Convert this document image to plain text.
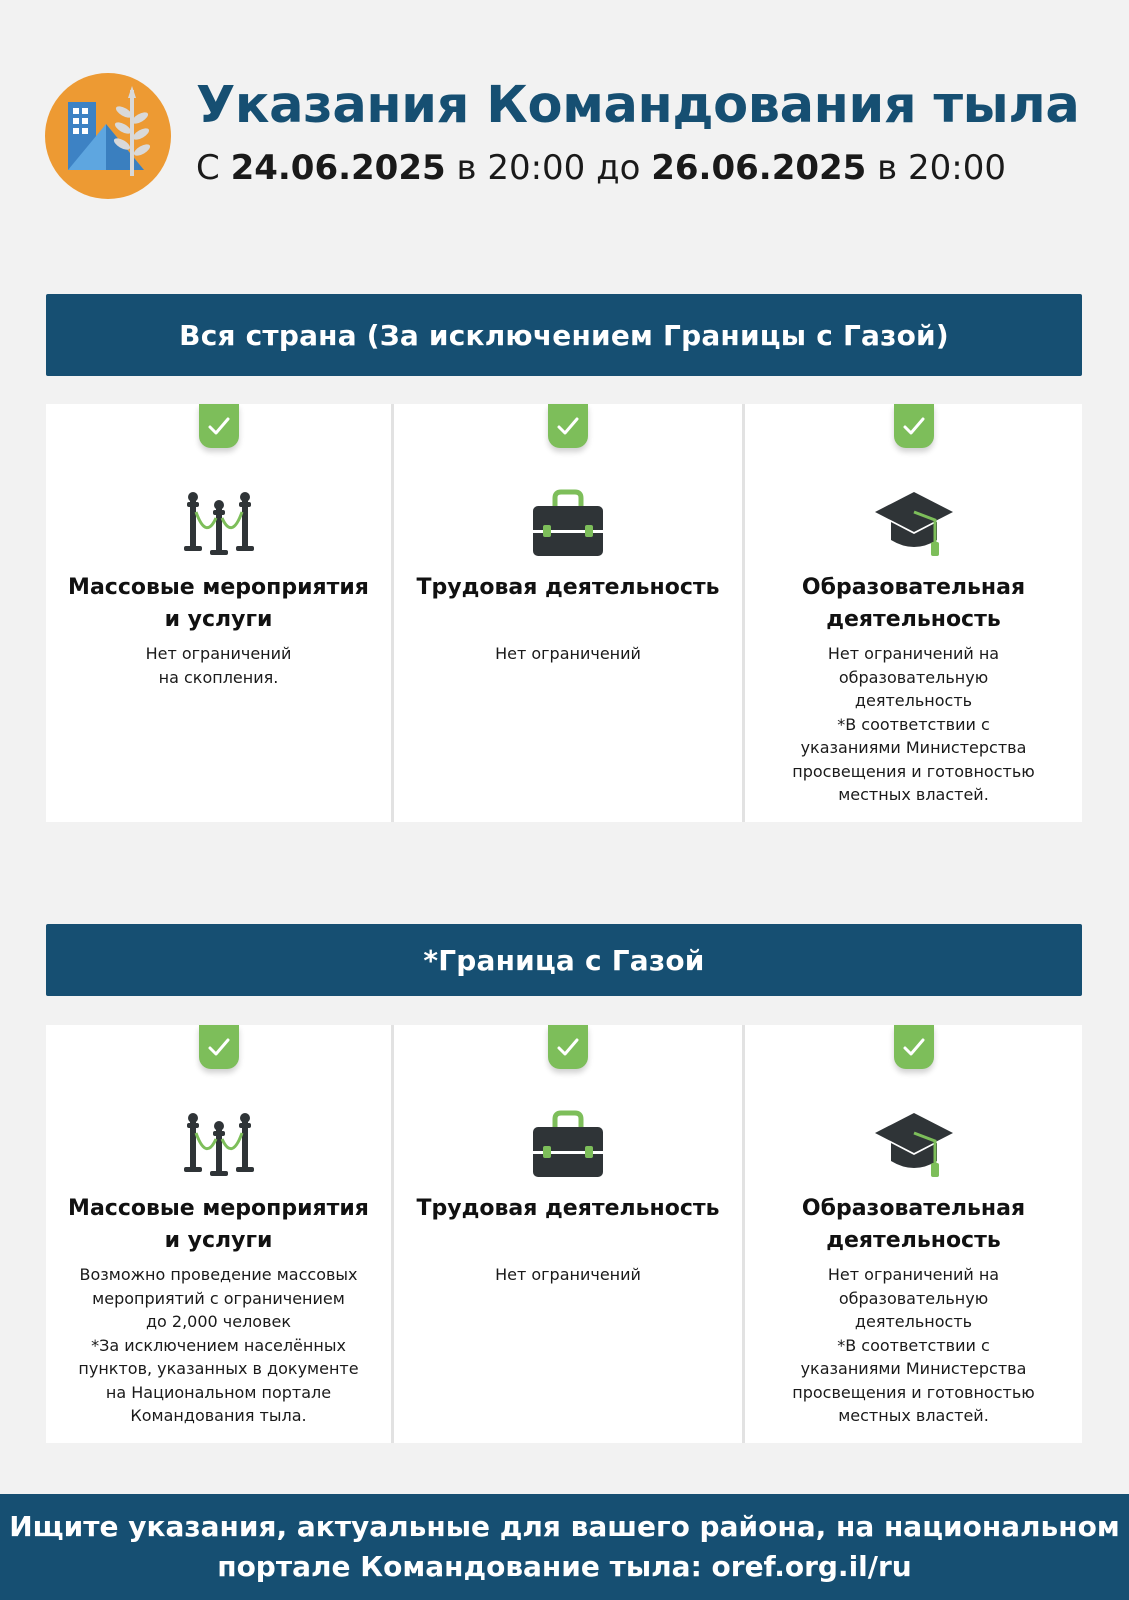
Указания Командования тыла
С 24.06.2025 в 20:00 до 26.06.2025 в 20:00
Вся страна (За исключением Границы с Газой)
Массовые мероприятия
и услуги
Нет ограничений
на скопления.
Трудовая деятельность
Нет ограничений
Образовательная
деятельность
Нет ограничений на
образовательную
деятельность
*В соответствии с
указаниями Министерства
просвещения и готовностью
местных властей.
*Граница с Газой
Массовые мероприятия
и услуги
Возможно проведение массовых
мероприятий с ограничением
до 2,000 человек
*За исключением населённых
пунктов, указанных в документе
на Национальном портале
Командования тыла.
Трудовая деятельность
Нет ограничений
Образовательная
деятельность
Нет ограничений на
образовательную
деятельность
*В соответствии с
указаниями Министерства
просвещения и готовностью
местных властей.
Ищите указания, актуальные для вашего района, на национальном
портале Командование тыла: oref.org.il/ru
